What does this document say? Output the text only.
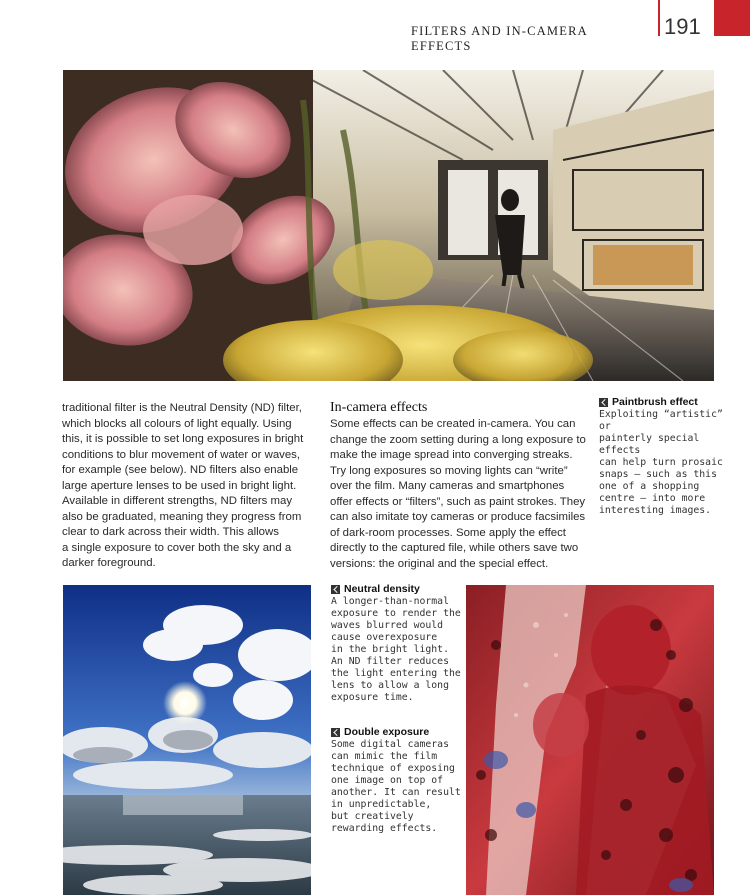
FILTERS AND IN-CAMERA EFFECTS
191
traditional filter is the Neutral Density (ND) filter,
which blocks all colours of light equally. Using
this, it is possible to set long exposures in bright
conditions to blur movement of water or waves,
for example (see below). ND filters also enable
large aperture lenses to be used in bright light.
Available in different strengths, ND filters may
also be graduated, meaning they progress from
clear to dark across their width. This allows
a single exposure to cover both the sky and a
darker foreground.
In-camera effects
Some effects can be created in-camera. You can
change the zoom setting during a long exposure to
make the image spread into converging streaks.
Try long exposures so moving lights can “write”
over the film. Many cameras and smartphones
offer effects or “filters”, such as paint strokes. They
can also imitate toy cameras or produce facsimiles
of dark-room processes. Some apply the effect
directly to the captured file, while others save two
versions: the original and the special effect.
Paintbrush effect
Exploiting “artistic” or
painterly special effects
can help turn prosaic
snaps – such as this
one of a shopping
centre – into more
interesting images.
Neutral density
A longer-than-normal
exposure to render the
waves blurred would
cause overexposure
in the bright light.
An ND filter reduces
the light entering the
lens to allow a long
exposure time.
Double exposure
Some digital cameras
can mimic the film
technique of exposing
one image on top of
another. It can result
in unpredictable,
but creatively
rewarding effects.
